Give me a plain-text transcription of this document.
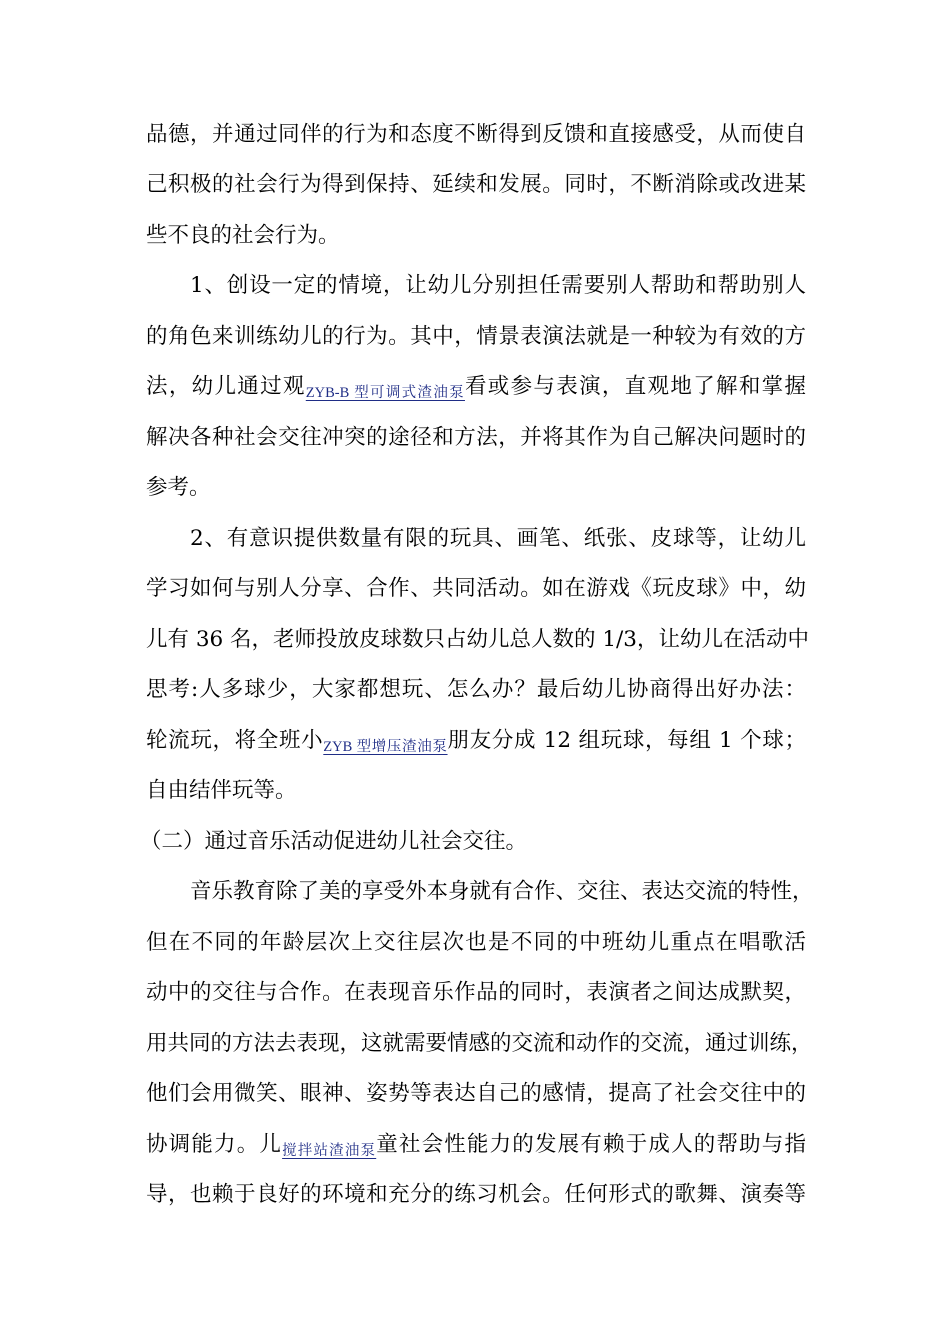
品德，并通过同伴的行为和态度不断得到反馈和直接感受，从而使自
己积极的社会行为得到保持、延续和发展。同时，不断消除或改进某
些不良的社会行为。
1、创设一定的情境，让幼儿分别担任需要别人帮助和帮助别人
的角色来训练幼儿的行为。其中，情景表演法就是一种较为有效的方
法，幼儿通过观ZYB-B 型可调式渣油泵看或参与表演，直观地了解和掌握
解决各种社会交往冲突的途径和方法，并将其作为自己解决问题时的
参考。
2、有意识提供数量有限的玩具、画笔、纸张、皮球等，让幼儿
学习如何与别人分享、合作、共同活动。如在游戏《玩皮球》中，幼
儿有 36 名，老师投放皮球数只占幼儿总人数的 1/3，让幼儿在活动中
思考:人多球少，大家都想玩、怎么办？最后幼儿协商得出好办法：
轮流玩，将全班小ZYB 型增压渣油泵朋友分成 12 组玩球，每组 1 个球；
自由结伴玩等。
（二）通过音乐活动促进幼儿社会交往。
音乐教育除了美的享受外本身就有合作、交往、表达交流的特性，
但在不同的年龄层次上交往层次也是不同的中班幼儿重点在唱歌活
动中的交往与合作。在表现音乐作品的同时，表演者之间达成默契，
用共同的方法去表现，这就需要情感的交流和动作的交流，通过训练，
他们会用微笑、眼神、姿势等表达自己的感情，提高了社会交往中的
协调能力。儿搅拌站渣油泵童社会性能力的发展有赖于成人的帮助与指
导，也赖于良好的环境和充分的练习机会。任何形式的歌舞、演奏等
